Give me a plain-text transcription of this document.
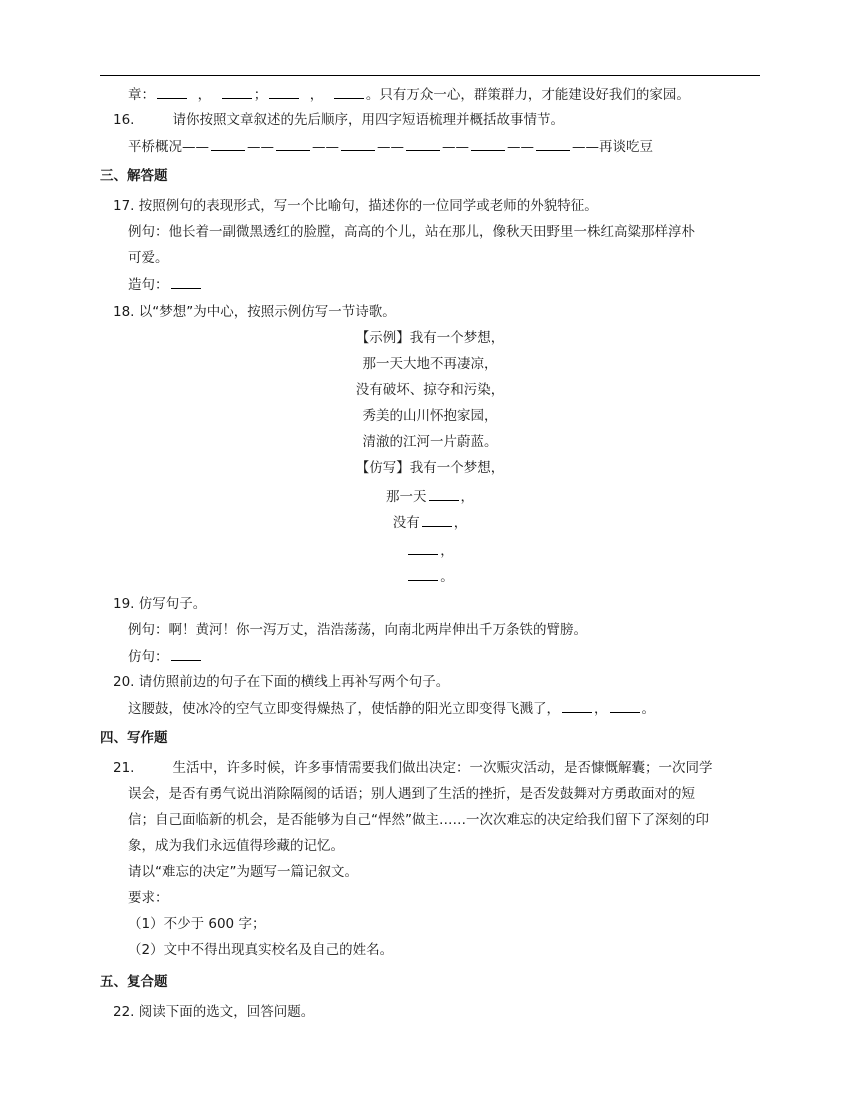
章：	，	；	，	。只有万众一心，群策群力，才能建设好我们的家园。
16.	请你按照文章叙述的先后顺序，用四字短语梳理并概括故事情节。
平桥概况——	——	——	——	——	——	——再谈吃豆
三、解答题
17. 按照例句的表现形式，写一个比喻句，描述你的一位同学或老师的外貌特征。
例句：他长着一副微黑透红的脸膛，高高的个儿，站在那儿，像秋天田野里一株红高粱那样淳朴
可爱。
造句：
18. 以“梦想”为中心，按照示例仿写一节诗歌。
【示例】我有一个梦想，
那一天大地不再凄凉，
没有破坏、掠夺和污染，
秀美的山川怀抱家园，
清澈的江河一片蔚蓝。
【仿写】我有一个梦想，
那一天	，
没有	，
，
。
19. 仿写句子。
例句：啊！黄河！你一泻万丈，浩浩荡荡，向南北两岸伸出千万条铁的臂膀。
仿句：
20. 请仿照前边的句子在下面的横线上再补写两个句子。
这腰鼓，使冰冷的空气立即变得燥热了，使恬静的阳光立即变得飞溅了，	，	。
四、写作题
21.	生活中，许多时候，许多事情需要我们做出决定：一次赈灾活动，是否慷慨解囊；一次同学
误会，是否有勇气说出消除隔阂的话语；别人遇到了生活的挫折，是否发鼓舞对方勇敢面对的短
信；自己面临新的机会，是否能够为自己“悍然”做主……一次次难忘的决定给我们留下了深刻的印
象，成为我们永远值得珍藏的记忆。
请以“难忘的决定”为题写一篇记叙文。
要求：
（1）不少于 600 字；
（2）文中不得出现真实校名及自己的姓名。
五、复合题
22. 阅读下面的选文，回答问题。
